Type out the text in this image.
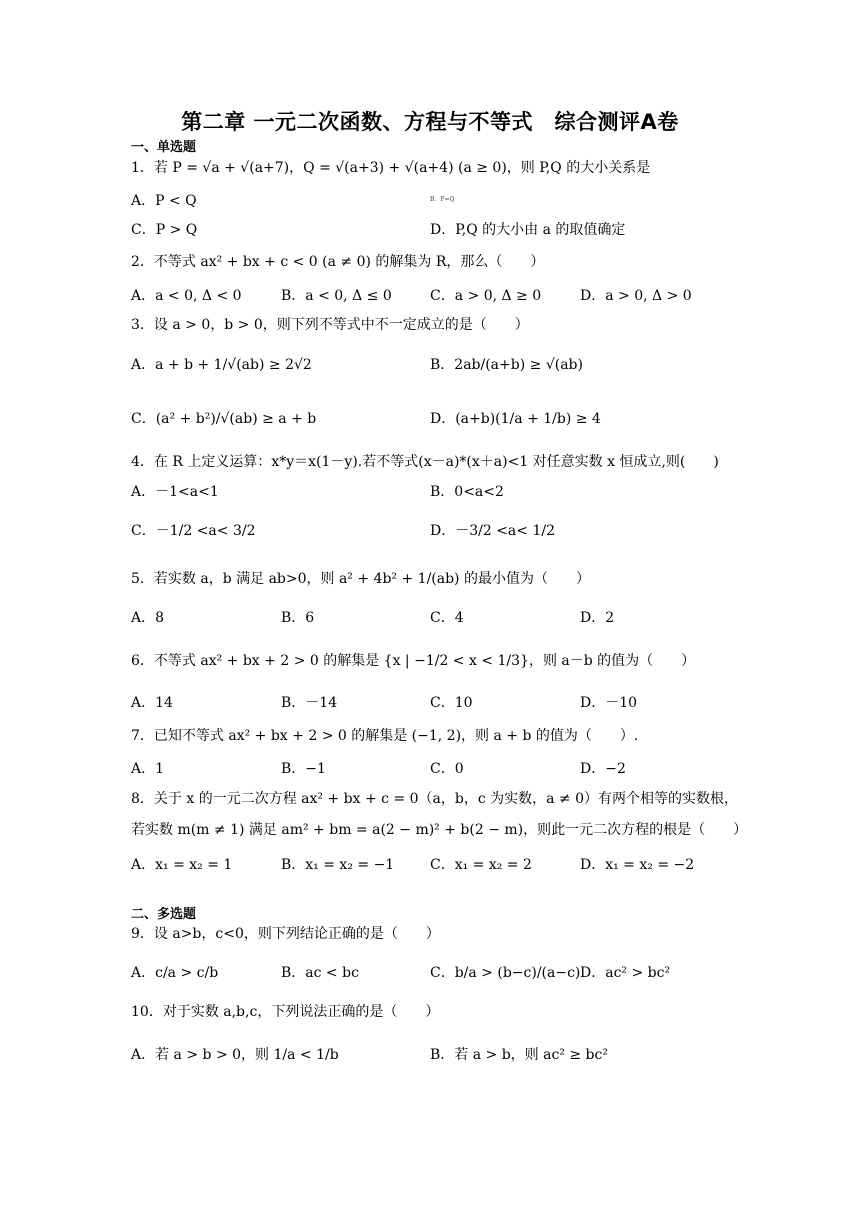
第二章 一元二次函数、方程与不等式　综合测评A卷
一、单选题
1．若 P = √a + √(a+7)，Q = √(a+3) + √(a+4) (a ≥ 0)，则 P,Q 的大小关系是
A．P < Q	B．P=Q
C．P > Q	D．P,Q 的大小由 a 的取值确定
2．不等式 ax² + bx + c < 0 (a ≠ 0) 的解集为 R，那么（　　）
A．a < 0, Δ < 0	B．a < 0, Δ ≤ 0	C．a > 0, Δ ≥ 0	D．a > 0, Δ > 0
3．设 a > 0，b > 0，则下列不等式中不一定成立的是（　　）
A．a + b + 1/√(ab) ≥ 2√2	B．2ab/(a+b) ≥ √(ab)
C．(a² + b²)/√(ab) ≥ a + b	D．(a+b)(1/a + 1/b) ≥ 4
4．在 R 上定义运算：x*y＝x(1－y).若不等式(x－a)*(x＋a)<1 对任意实数 x 恒成立,则(　　)
A．－1<a<1	B．0<a<2
C．－1/2 <a< 3/2	D．－3/2 <a< 1/2
5．若实数 a，b 满足 ab>0，则 a² + 4b² + 1/(ab) 的最小值为（　　）
A．8	B．6	C．4	D．2
6．不等式 ax² + bx + 2 > 0 的解集是 {x | −1/2 < x < 1/3}，则 a－b 的值为（　　）
A．14	B．－14	C．10	D．－10
7．已知不等式 ax² + bx + 2 > 0 的解集是 (−1, 2)，则 a + b 的值为（　　）.
A．1	B．−1	C．0	D．−2
8．关于 x 的一元二次方程 ax² + bx + c = 0（a，b，c 为实数，a ≠ 0）有两个相等的实数根，
若实数 m(m ≠ 1) 满足 am² + bm = a(2 − m)² + b(2 − m)，则此一元二次方程的根是（　　）
A．x₁ = x₂ = 1	B．x₁ = x₂ = −1	C．x₁ = x₂ = 2	D．x₁ = x₂ = −2
二、多选题
9．设 a>b，c<0，则下列结论正确的是（　　）
A．c/a > c/b	B．ac < bc	C．b/a > (b−c)/(a−c) D．ac² > bc²
10．对于实数 a,b,c，下列说法正确的是（　　）
A．若 a > b > 0，则 1/a < 1/b	B．若 a > b，则 ac² ≥ bc²
